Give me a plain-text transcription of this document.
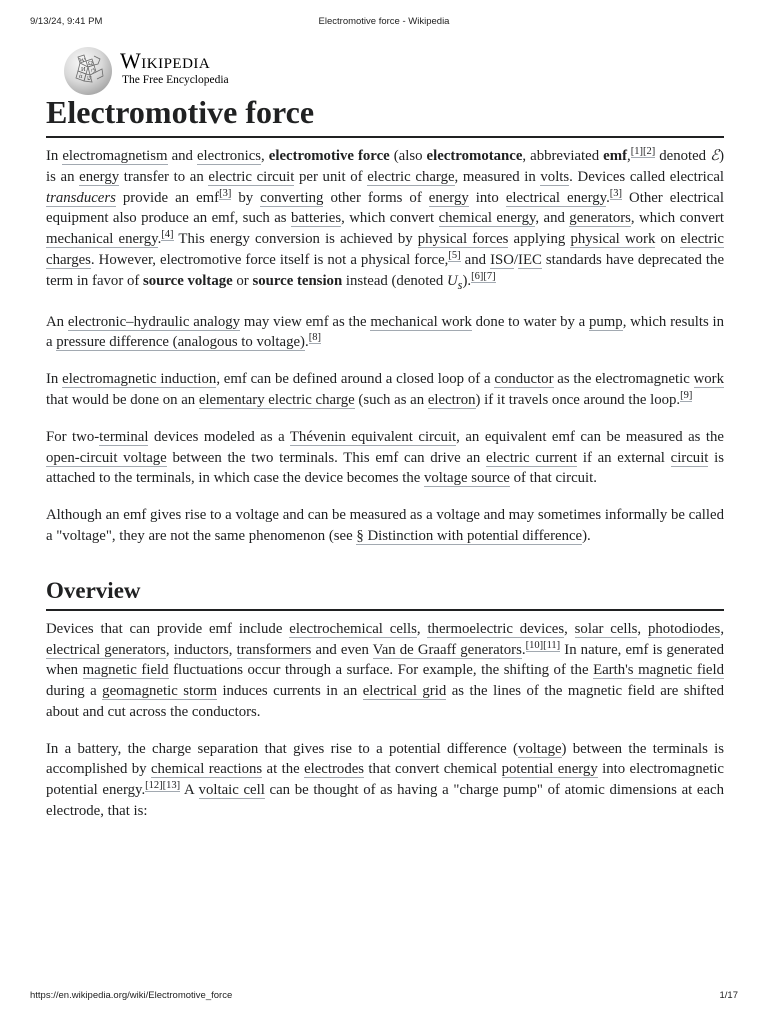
9/13/24, 9:41 PM	Electromotive force - Wikipedia
W Ω
И ウ
ά ש
Wikipedia
The Free Encyclopedia
Electromotive force

In electromagnetism and electronics, electromotive force (also electromotance, abbreviated emf,[1][2] denoted ℰ) is an energy transfer to an electric circuit per unit of electric charge, measured in volts. Devices called electrical transducers provide an emf[3] by converting other forms of energy into electrical energy.[3] Other electrical equipment also produce an emf, such as batteries, which convert chemical energy, and generators, which convert mechanical energy.[4] This energy conversion is achieved by physical forces applying physical work on electric charges. However, electromotive force itself is not a physical force,[5] and ISO/IEC standards have deprecated the term in favor of source voltage or source tension instead (denoted $U_s).[6][7]$

An electronic–hydraulic analogy may view emf as the mechanical work done to water by a pump, which results in a pressure difference (analogous to voltage).[8]

In electromagnetic induction, emf can be defined around a closed loop of a conductor as the electromagnetic work that would be done on an elementary electric charge (such as an electron) if it travels once around the loop.[9]

For two-terminal devices modeled as a Thévenin equivalent circuit, an equivalent emf can be measured as the open-circuit voltage between the two terminals. This emf can drive an electric current if an external circuit is attached to the terminals, in which case the device becomes the voltage source of that circuit.

Although an emf gives rise to a voltage and can be measured as a voltage and may sometimes informally be called a "voltage", they are not the same phenomenon (see § Distinction with potential difference).

Overview

Devices that can provide emf include electrochemical cells, thermoelectric devices, solar cells, photodiodes, electrical generators, inductors, transformers and even Van de Graaff generators.[10][11] In nature, emf is generated when magnetic field fluctuations occur through a surface. For example, the shifting of the Earth's magnetic field during a geomagnetic storm induces currents in an electrical grid as the lines of the magnetic field are shifted about and cut across the conductors.

In a battery, the charge separation that gives rise to a potential difference (voltage) between the terminals is accomplished by chemical reactions at the electrodes that convert chemical potential energy into electromagnetic potential energy.[12][13] A voltaic cell can be thought of as having a "charge pump" of atomic dimensions at each electrode, that is:

https://en.wikipedia.org/wiki/Electromotive_force	1/17
